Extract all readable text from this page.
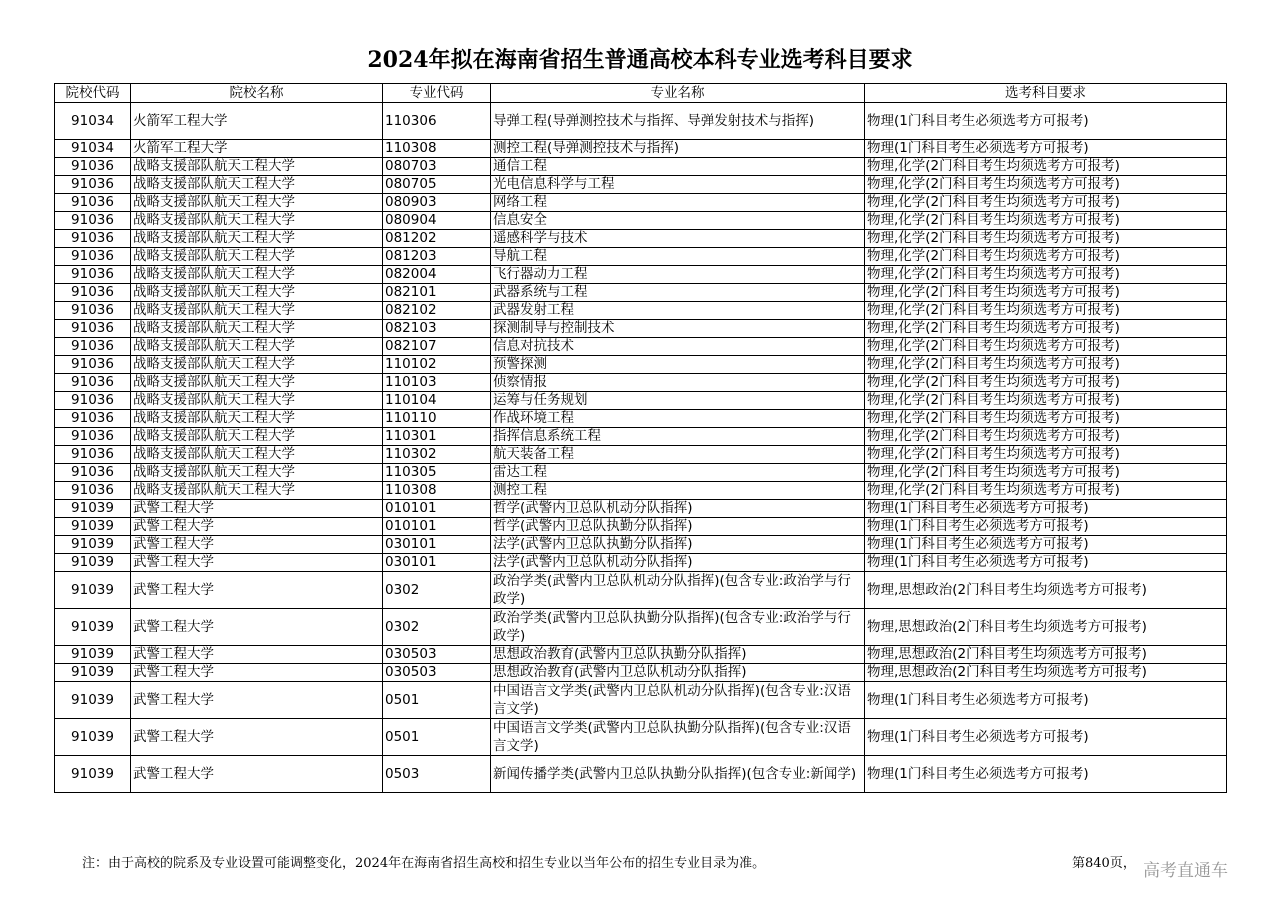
2024年拟在海南省招生普通高校本科专业选考科目要求
院校代码	院校名称	专业代码	专业名称	选考科目要求
91034	火箭军工程大学	110306	导弹工程(导弹测控技术与指挥、导弹发射技术与指挥)	物理(1门科目考生必须选考方可报考)
91034	火箭军工程大学	110308	测控工程(导弹测控技术与指挥)	物理(1门科目考生必须选考方可报考)
91036	战略支援部队航天工程大学	080703	通信工程	物理,化学(2门科目考生均须选考方可报考)
91036	战略支援部队航天工程大学	080705	光电信息科学与工程	物理,化学(2门科目考生均须选考方可报考)
91036	战略支援部队航天工程大学	080903	网络工程	物理,化学(2门科目考生均须选考方可报考)
91036	战略支援部队航天工程大学	080904	信息安全	物理,化学(2门科目考生均须选考方可报考)
91036	战略支援部队航天工程大学	081202	遥感科学与技术	物理,化学(2门科目考生均须选考方可报考)
91036	战略支援部队航天工程大学	081203	导航工程	物理,化学(2门科目考生均须选考方可报考)
91036	战略支援部队航天工程大学	082004	飞行器动力工程	物理,化学(2门科目考生均须选考方可报考)
91036	战略支援部队航天工程大学	082101	武器系统与工程	物理,化学(2门科目考生均须选考方可报考)
91036	战略支援部队航天工程大学	082102	武器发射工程	物理,化学(2门科目考生均须选考方可报考)
91036	战略支援部队航天工程大学	082103	探测制导与控制技术	物理,化学(2门科目考生均须选考方可报考)
91036	战略支援部队航天工程大学	082107	信息对抗技术	物理,化学(2门科目考生均须选考方可报考)
91036	战略支援部队航天工程大学	110102	预警探测	物理,化学(2门科目考生均须选考方可报考)
91036	战略支援部队航天工程大学	110103	侦察情报	物理,化学(2门科目考生均须选考方可报考)
91036	战略支援部队航天工程大学	110104	运筹与任务规划	物理,化学(2门科目考生均须选考方可报考)
91036	战略支援部队航天工程大学	110110	作战环境工程	物理,化学(2门科目考生均须选考方可报考)
91036	战略支援部队航天工程大学	110301	指挥信息系统工程	物理,化学(2门科目考生均须选考方可报考)
91036	战略支援部队航天工程大学	110302	航天装备工程	物理,化学(2门科目考生均须选考方可报考)
91036	战略支援部队航天工程大学	110305	雷达工程	物理,化学(2门科目考生均须选考方可报考)
91036	战略支援部队航天工程大学	110308	测控工程	物理,化学(2门科目考生均须选考方可报考)
91039	武警工程大学	010101	哲学(武警内卫总队机动分队指挥)	物理(1门科目考生必须选考方可报考)
91039	武警工程大学	010101	哲学(武警内卫总队执勤分队指挥)	物理(1门科目考生必须选考方可报考)
91039	武警工程大学	030101	法学(武警内卫总队执勤分队指挥)	物理(1门科目考生必须选考方可报考)
91039	武警工程大学	030101	法学(武警内卫总队机动分队指挥)	物理(1门科目考生必须选考方可报考)
91039	武警工程大学	0302	政治学类(武警内卫总队机动分队指挥)(包含专业:政治学与行政学)	物理,思想政治(2门科目考生均须选考方可报考)
91039	武警工程大学	0302	政治学类(武警内卫总队执勤分队指挥)(包含专业:政治学与行政学)	物理,思想政治(2门科目考生均须选考方可报考)
91039	武警工程大学	030503	思想政治教育(武警内卫总队执勤分队指挥)	物理,思想政治(2门科目考生均须选考方可报考)
91039	武警工程大学	030503	思想政治教育(武警内卫总队机动分队指挥)	物理,思想政治(2门科目考生均须选考方可报考)
91039	武警工程大学	0501	中国语言文学类(武警内卫总队机动分队指挥)(包含专业:汉语言文学)	物理(1门科目考生必须选考方可报考)
91039	武警工程大学	0501	中国语言文学类(武警内卫总队执勤分队指挥)(包含专业:汉语言文学)	物理(1门科目考生必须选考方可报考)
91039	武警工程大学	0503	新闻传播学类(武警内卫总队执勤分队指挥)(包含专业:新闻学)	物理(1门科目考生必须选考方可报考)
注：由于高校的院系及专业设置可能调整变化，2024年在海南省招生高校和招生专业以当年公布的招生专业目录为准。	第840页， 高考直通车
